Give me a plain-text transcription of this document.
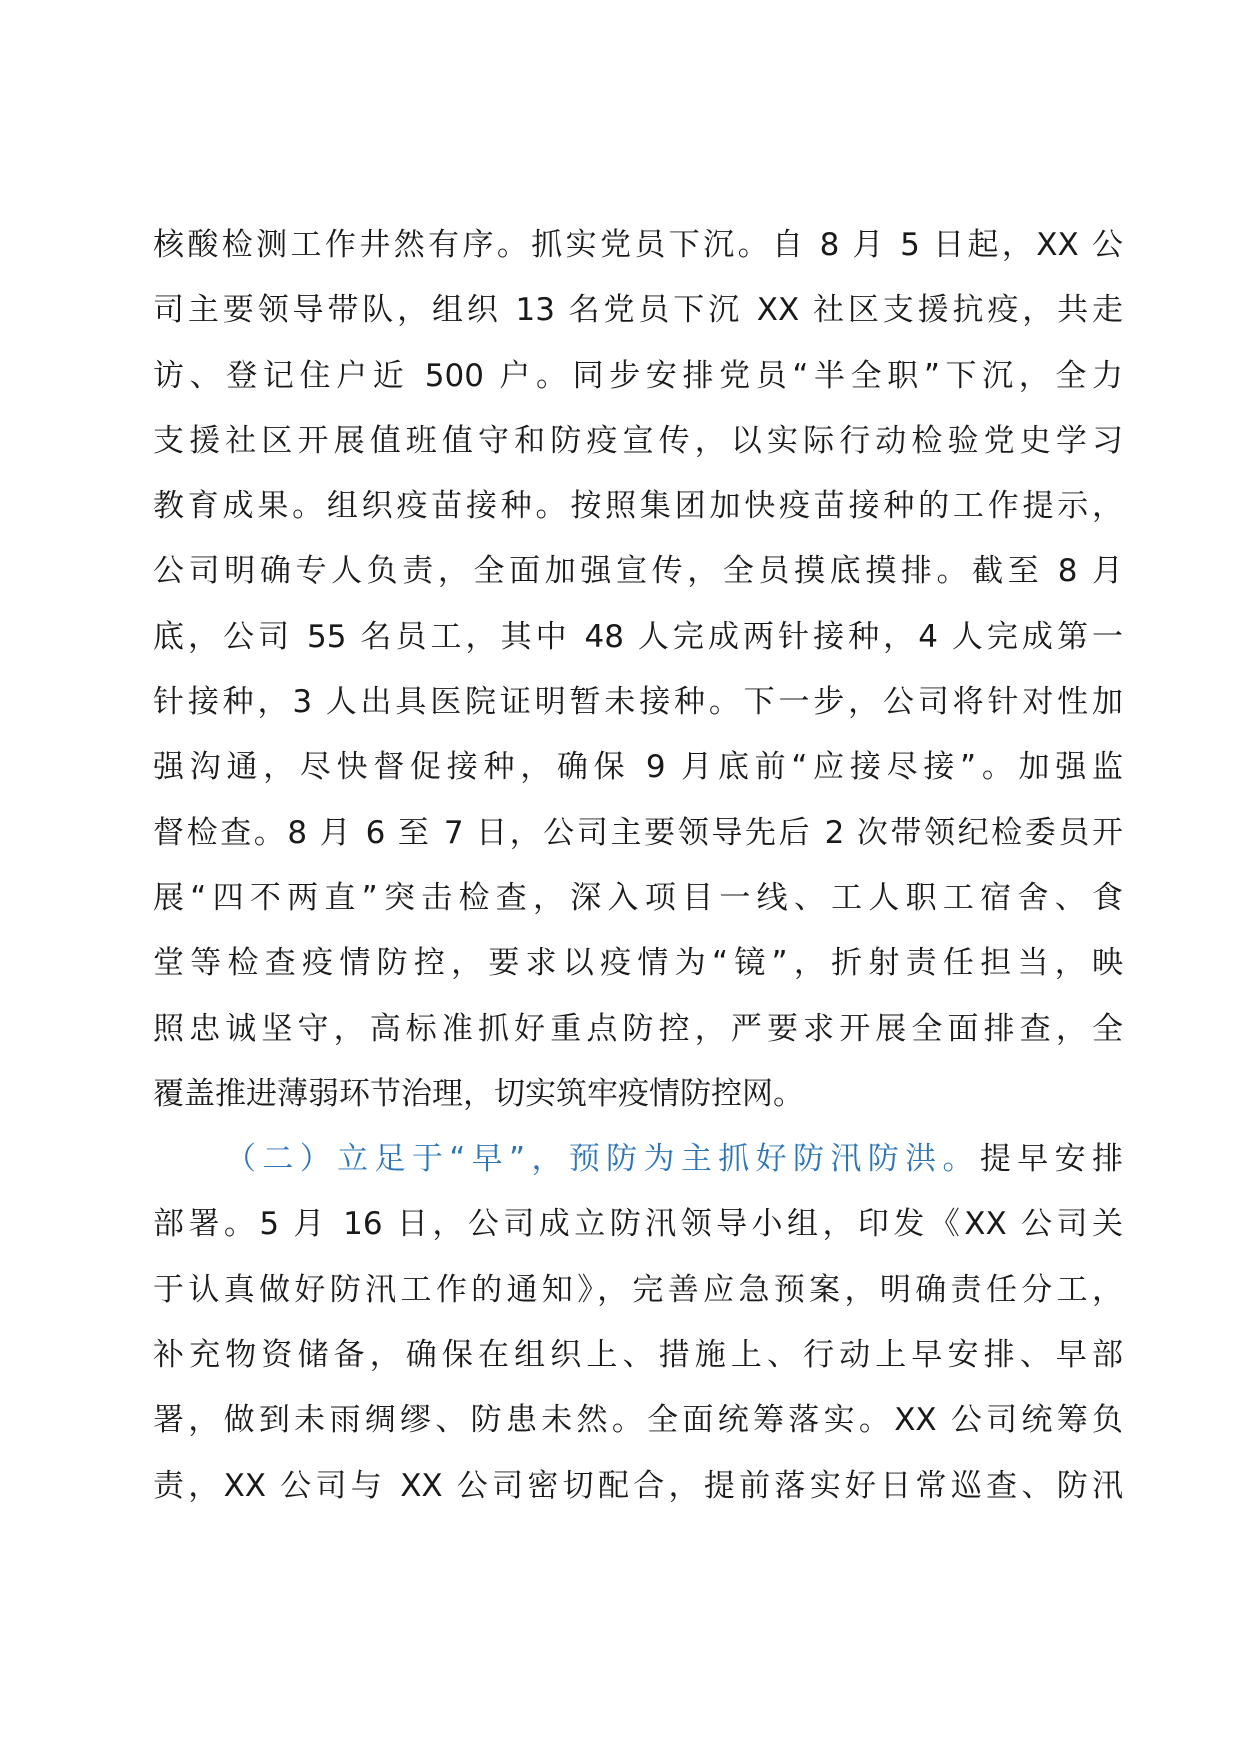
核酸检测工作井然有序。抓实党员下沉。自 8 月 5 日起，XX 公
司主要领导带队，组织 13 名党员下沉 XX 社区支援抗疫，共走
访、登记住户近 500 户。同步安排党员“半全职”下沉，全力
支援社区开展值班值守和防疫宣传，以实际行动检验党史学习
教育成果。组织疫苗接种。按照集团加快疫苗接种的工作提示，
公司明确专人负责，全面加强宣传，全员摸底摸排。截至 8 月
底，公司 55 名员工，其中 48 人完成两针接种，4 人完成第一
针接种，3 人出具医院证明暂未接种。下一步，公司将针对性加
强沟通，尽快督促接种，确保 9 月底前“应接尽接”。加强监
督检查。8 月 6 至 7 日，公司主要领导先后 2 次带领纪检委员开
展“四不两直”突击检查，深入项目一线、工人职工宿舍、食
堂等检查疫情防控，要求以疫情为“镜”，折射责任担当，映
照忠诚坚守，高标准抓好重点防控，严要求开展全面排查，全
覆盖推进薄弱环节治理，切实筑牢疫情防控网。
（二）立足于“早”，预防为主抓好防汛防洪。提早安排
部署。5 月 16 日，公司成立防汛领导小组，印发《XX 公司关
于认真做好防汛工作的通知》，完善应急预案，明确责任分工，
补充物资储备，确保在组织上、措施上、行动上早安排、早部
署，做到未雨绸缪、防患未然。全面统筹落实。XX 公司统筹负
责，XX 公司与 XX 公司密切配合，提前落实好日常巡查、防汛
